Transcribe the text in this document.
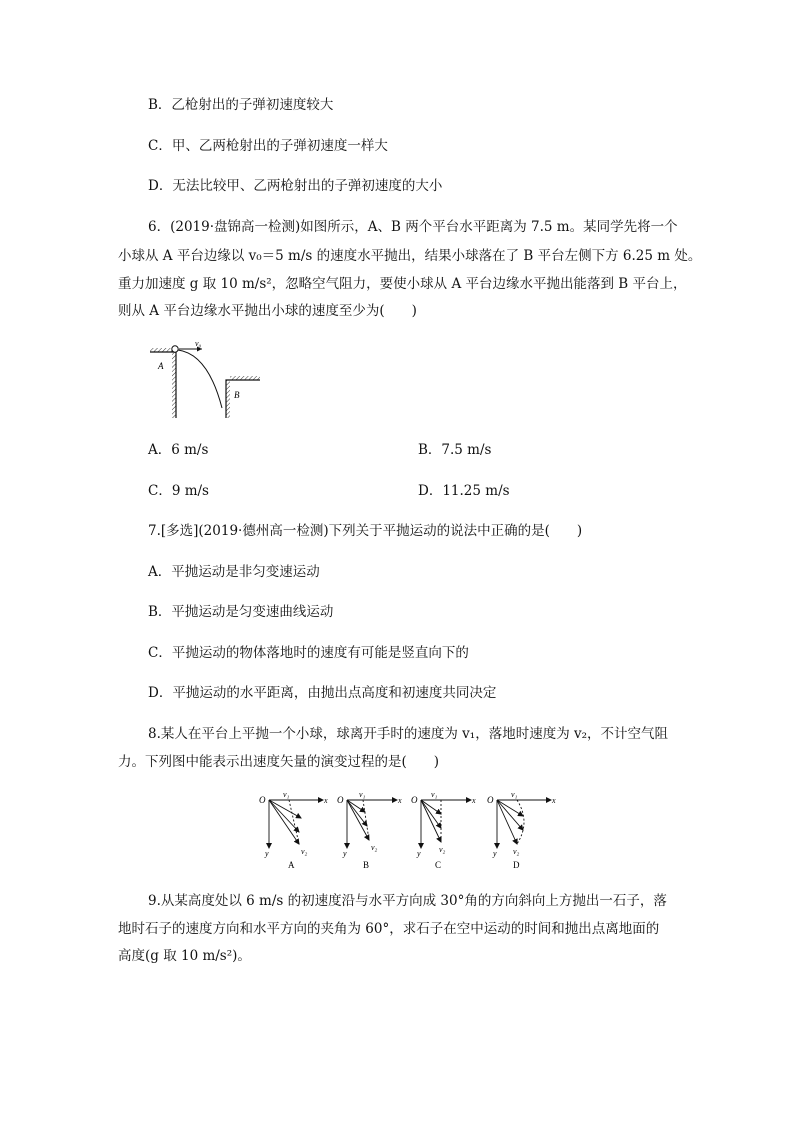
B．乙枪射出的子弹初速度较大
C．甲、乙两枪射出的子弹初速度一样大
D．无法比较甲、乙两枪射出的子弹初速度的大小
6．(2019·盘锦高一检测)如图所示，A、B 两个平台水平距离为 7.5 m。某同学先将一个
小球从 A 平台边缘以 v₀＝5 m/s 的速度水平抛出，结果小球落在了 B 平台左侧下方 6.25 m 处。
重力加速度 g 取 10 m/s²，忽略空气阻力，要使小球从 A 平台边缘水平抛出能落到 B 平台上，
则从 A 平台边缘水平抛出小球的速度至少为(　　)
v₀
A
B
A．6 m/s	B．7.5 m/s
C．9 m/s	D．11.25 m/s
7.[多选](2019·德州高一检测)下列关于平抛运动的说法中正确的是(　　)
A．平抛运动是非匀变速运动
B．平抛运动是匀变速曲线运动
C．平抛运动的物体落地时的速度有可能是竖直向下的
D．平抛运动的水平距离，由抛出点高度和初速度共同决定
8.某人在平台上平抛一个小球，球离开手时的速度为 v₁，落地时速度为 v₂，不计空气阻
力。下列图中能表示出速度矢量的演变过程的是(　　)
O	x
y
v₁
v₂
A
O	x
y
v₁
v₂
B
O	x
y
v₁
v₂
C
O	x
y
v₁
v₂
D
9.从某高度处以 6 m/s 的初速度沿与水平方向成 30°角的方向斜向上方抛出一石子，落
地时石子的速度方向和水平方向的夹角为 60°，求石子在空中运动的时间和抛出点离地面的
高度(g 取 10 m/s²)。
